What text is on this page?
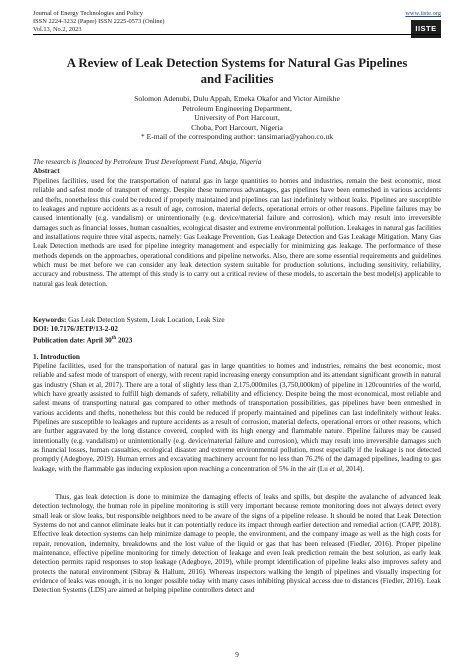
Journal of Energy Technologies and Policy
ISSN 2224-3232 (Paper) ISSN 2225-0573 (Online)
Vol.13, No.2, 2023
www.iiste.org
IISTE
A Review of Leak Detection Systems for Natural Gas Pipelines
and Facilities
Solomon Adenubi, Dulu Appah, Emeka Okafor and Victor Aimikhe
Petroleum Engineering Department,
University of Port Harcourt,
Choba, Port Harcourt, Nigeria
* E-mail of the corresponding author: tansimaria@yahoo.co.uk
The research is financed by Petroleum Trust Development Fund, Abuja, Nigeria
Abstract
Pipelines facilities, used for the transportation of natural gas in large quantities to homes and industries, remain the best economic, most reliable and safest mode of transport of energy. Despite these numerous advantages, gas pipelines have been enmeshed in various accidents and thefts, nonetheless this could be reduced if properly maintained and pipelines can last indefinitely without leaks. Pipelines are susceptible to leakages and rupture accidents as a result of age, corrosion, material defects, operational errors or other reasons. Pipeline failures may be caused intentionally (e.g. vandalism) or unintentionally (e.g. device/material failure and corrosion), which may result into irreversible damages such as financial losses, human casualties, ecological disaster and extreme environmental pollution. Leakages in natural gas facilities and installations require three vital aspects, namely: Gas Leakage Prevention, Gas Leakage Detection and Gas Leakage Mitigation. Many Gas Leak Detection methods are used for pipeline integrity management and especially for minimizing gas leakage. The performance of these methods depends on the approaches, operational conditions and pipeline networks. Also, there are some essential requirements and guidelines which must be met before we can consider any leak detection system suitable for production solutions, including sensitivity, reliability, accuracy and robustness. The attempt of this study is to carry out a critical review of these models, to ascertain the best model(s) applicable to natural gas leak detection.
Keywords: Gas Leak Detection System, Leak Location, Leak Size
DOI: 10.7176/JETP/13-2-02
Publication date: April 30th 2023
1. Introduction
Pipeline facilities, used for the transportation of natural gas in large quantities to homes and industries, remains the best economic, most reliable and safest mode of transport of energy, with recent rapid increasing energy consumption and its attendant significant growth in natural gas industry (Shan et al, 2017). There are a total of slightly less than 2,175,000miles (3,750,000km) of pipeline in 120countries of the world, which have greatly assisted to fulfill high demands of safety, reliability and efficiency. Despite being the most economical, most reliable and safest means of transporting natural gas compared to other methods of transportation possibilities, gas pipelines have been enmeshed in various accidents and thefts, nonetheless but this could be reduced if properly maintained and pipelines can last indefinitely without leaks. Pipelines are susceptible to leakages and rupture accidents as a result of corrosion, material defects, operational errors or other reasons, which are further aggravated by the long distance covered, coupled with its high energy and flammable nature. Pipeline failures may be caused intentionally (e.g. vandalism) or unintentionally (e.g. device/material failure and corrosion), which may result into irreversible damages such as financial losses, human casualties, ecological disaster and extreme environmental pollution, most especially if the leakage is not detected promptly (Adegboye, 2019). Human errors and excavating machinery account for no less than 76.2% of the damaged pipelines, leading to gas leakage, with the flammable gas inducing explosion upon reaching a concentration of 5% in the air (Lu et al, 2014).
Thus, gas leak detection is done to minimize the damaging effects of leaks and spills, but despite the avalanche of advanced leak detection technology, the human role in pipeline monitoring is still very important because remote monitoring does not always detect every small leak or slow leaks, but responsible neighbors need to be aware of the signs of a pipeline release. It should be noted that Leak Detection Systems do not and cannot eliminate leaks but it can potentially reduce its impact through earlier detection and remedial action (CAPP, 2018). Effective leak detection systems can help minimize damage to people, the environment, and the company image as well as the high costs for repair, renovation, indemnity, breakdowns and the lost value of the liquid or gas that has been released (Fiedler, 2016). Proper pipeline maintenance, effective pipeline monitoring for timely detection of leakage and even leak prediction remain the best solution, as early leak detection permits rapid responses to stop leakage (Adegboye, 2019), while prompt identification of pipeline leaks also improves safety and protects the natural environment (Sibray & Hallum, 2016). Whereas inspectors walking the length of pipelines and visually inspecting for evidence of leaks was enough, it is no longer possible today with many cases inhibiting physical access due to distances (Fiedler, 2016). Leak Detection Systems (LDS) are aimed at helping pipeline controllers detect and
9
